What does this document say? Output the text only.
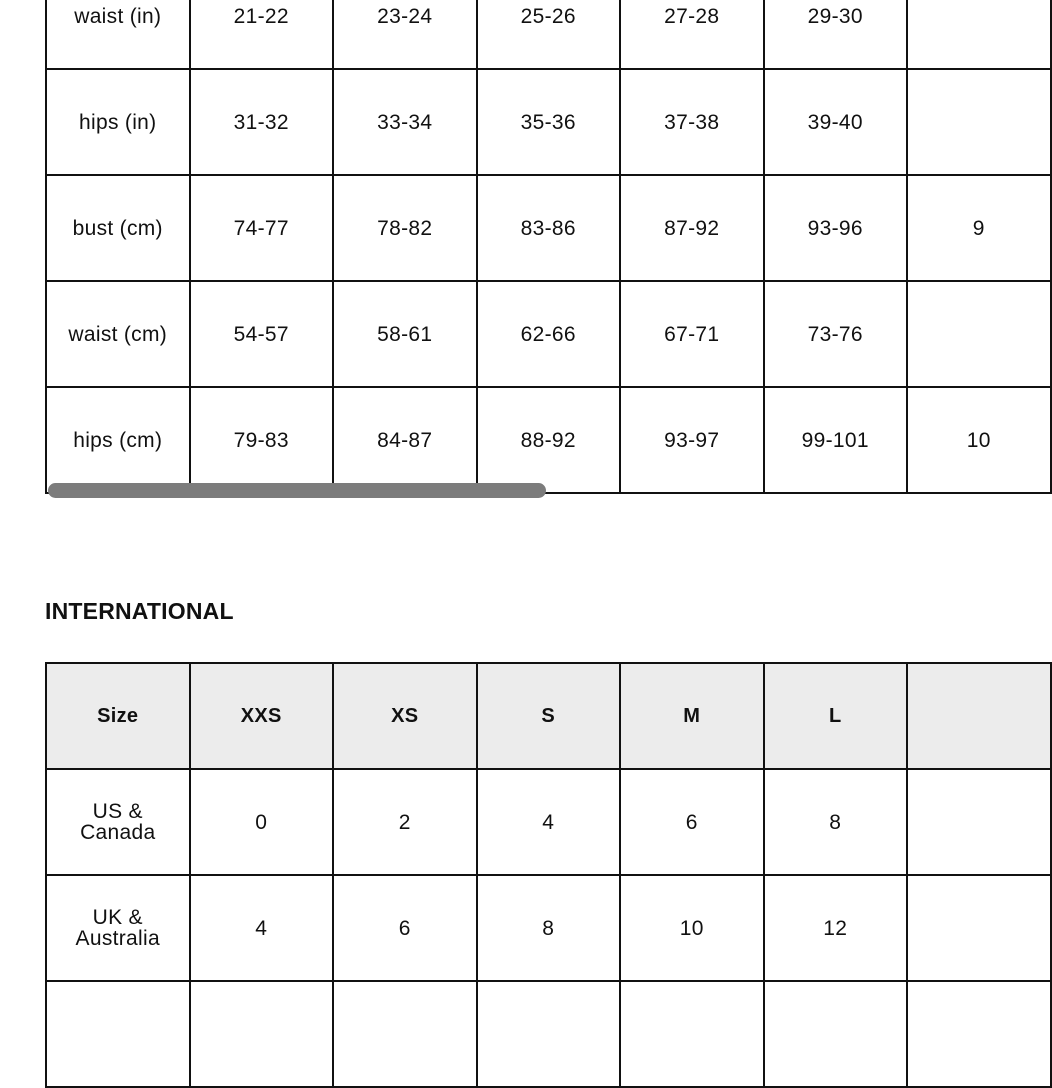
waist (in)	21-22	23-24	25-26	27-28	29-30	
hips (in)	31-32	33-34	35-36	37-38	39-40	
bust (cm)	74-77	78-82	83-86	87-92	93-96	9
waist (cm)	54-57	58-61	62-66	67-71	73-76	
hips (cm)	79-83	84-87	88-92	93-97	99-101	10
INTERNATIONAL
Size	XXS	XS	S	M	L	
US &
Canada	0	2	4	6	8	
UK &
Australia	4	6	8	10	12	
